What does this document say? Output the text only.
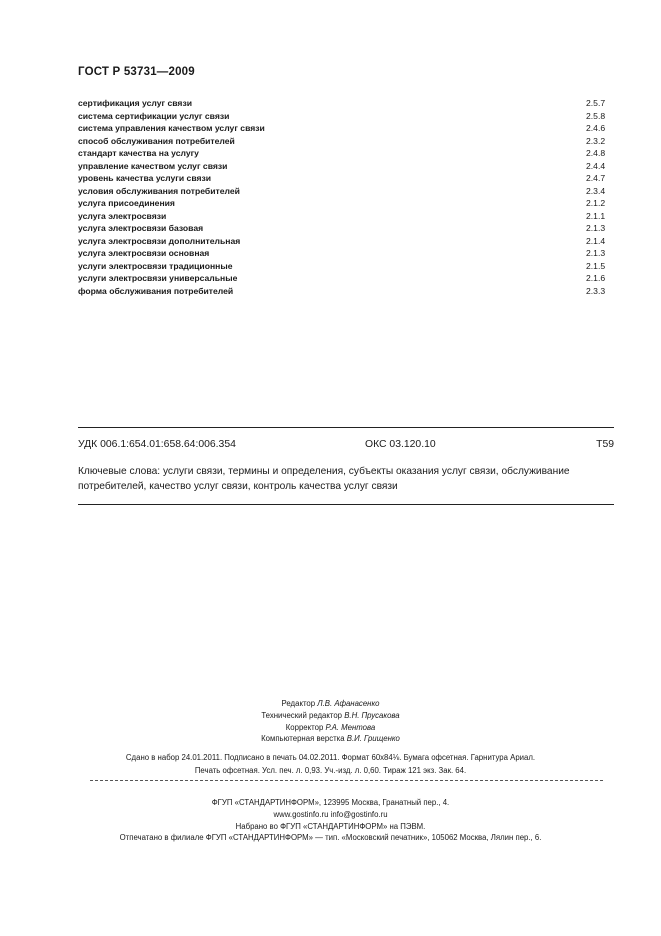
ГОСТ Р 53731—2009
сертификация услуг связи	2.5.7
система сертификации услуг связи	2.5.8
система управления качеством услуг связи	2.4.6
способ обслуживания потребителей	2.3.2
стандарт качества на услугу	2.4.8
управление качеством услуг связи	2.4.4
уровень качества услуги связи	2.4.7
условия обслуживания потребителей	2.3.4
услуга присоединения	2.1.2
услуга электросвязи	2.1.1
услуга электросвязи базовая	2.1.3
услуга электросвязи дополнительная	2.1.4
услуга электросвязи основная	2.1.3
услуги электросвязи традиционные	2.1.5
услуги электросвязи универсальные	2.1.6
форма обслуживания потребителей	2.3.3
УДК 006.1:654.01:658.64:006.354	ОКС 03.120.10	Т59
Ключевые слова: услуги связи, термины и определения, субъекты оказания услуг связи, обслуживание потребителей, качество услуг связи, контроль качества услуг связи
Редактор Л.В. Афанасенко
Технический редактор В.Н. Прусакова
Корректор Р.А. Ментова
Компьютерная верстка В.И. Грищенко
Сдано в набор 24.01.2011. Подписано в печать 04.02.2011. Формат 60x84⅛. Бумага офсетная. Гарнитура Ариал.
Печать офсетная. Усл. печ. л. 0,93. Уч.-изд. л. 0,60. Тираж 121 экз. Зак. 64.
ФГУП «СТАНДАРТИНФОРМ», 123995 Москва, Гранатный пер., 4.
www.gostinfo.ru info@gostinfo.ru
Набрано во ФГУП «СТАНДАРТИНФОРМ» на ПЭВМ.
Отпечатано в филиале ФГУП «СТАНДАРТИНФОРМ» — тип. «Московский печатник», 105062 Москва, Лялин пер., 6.
